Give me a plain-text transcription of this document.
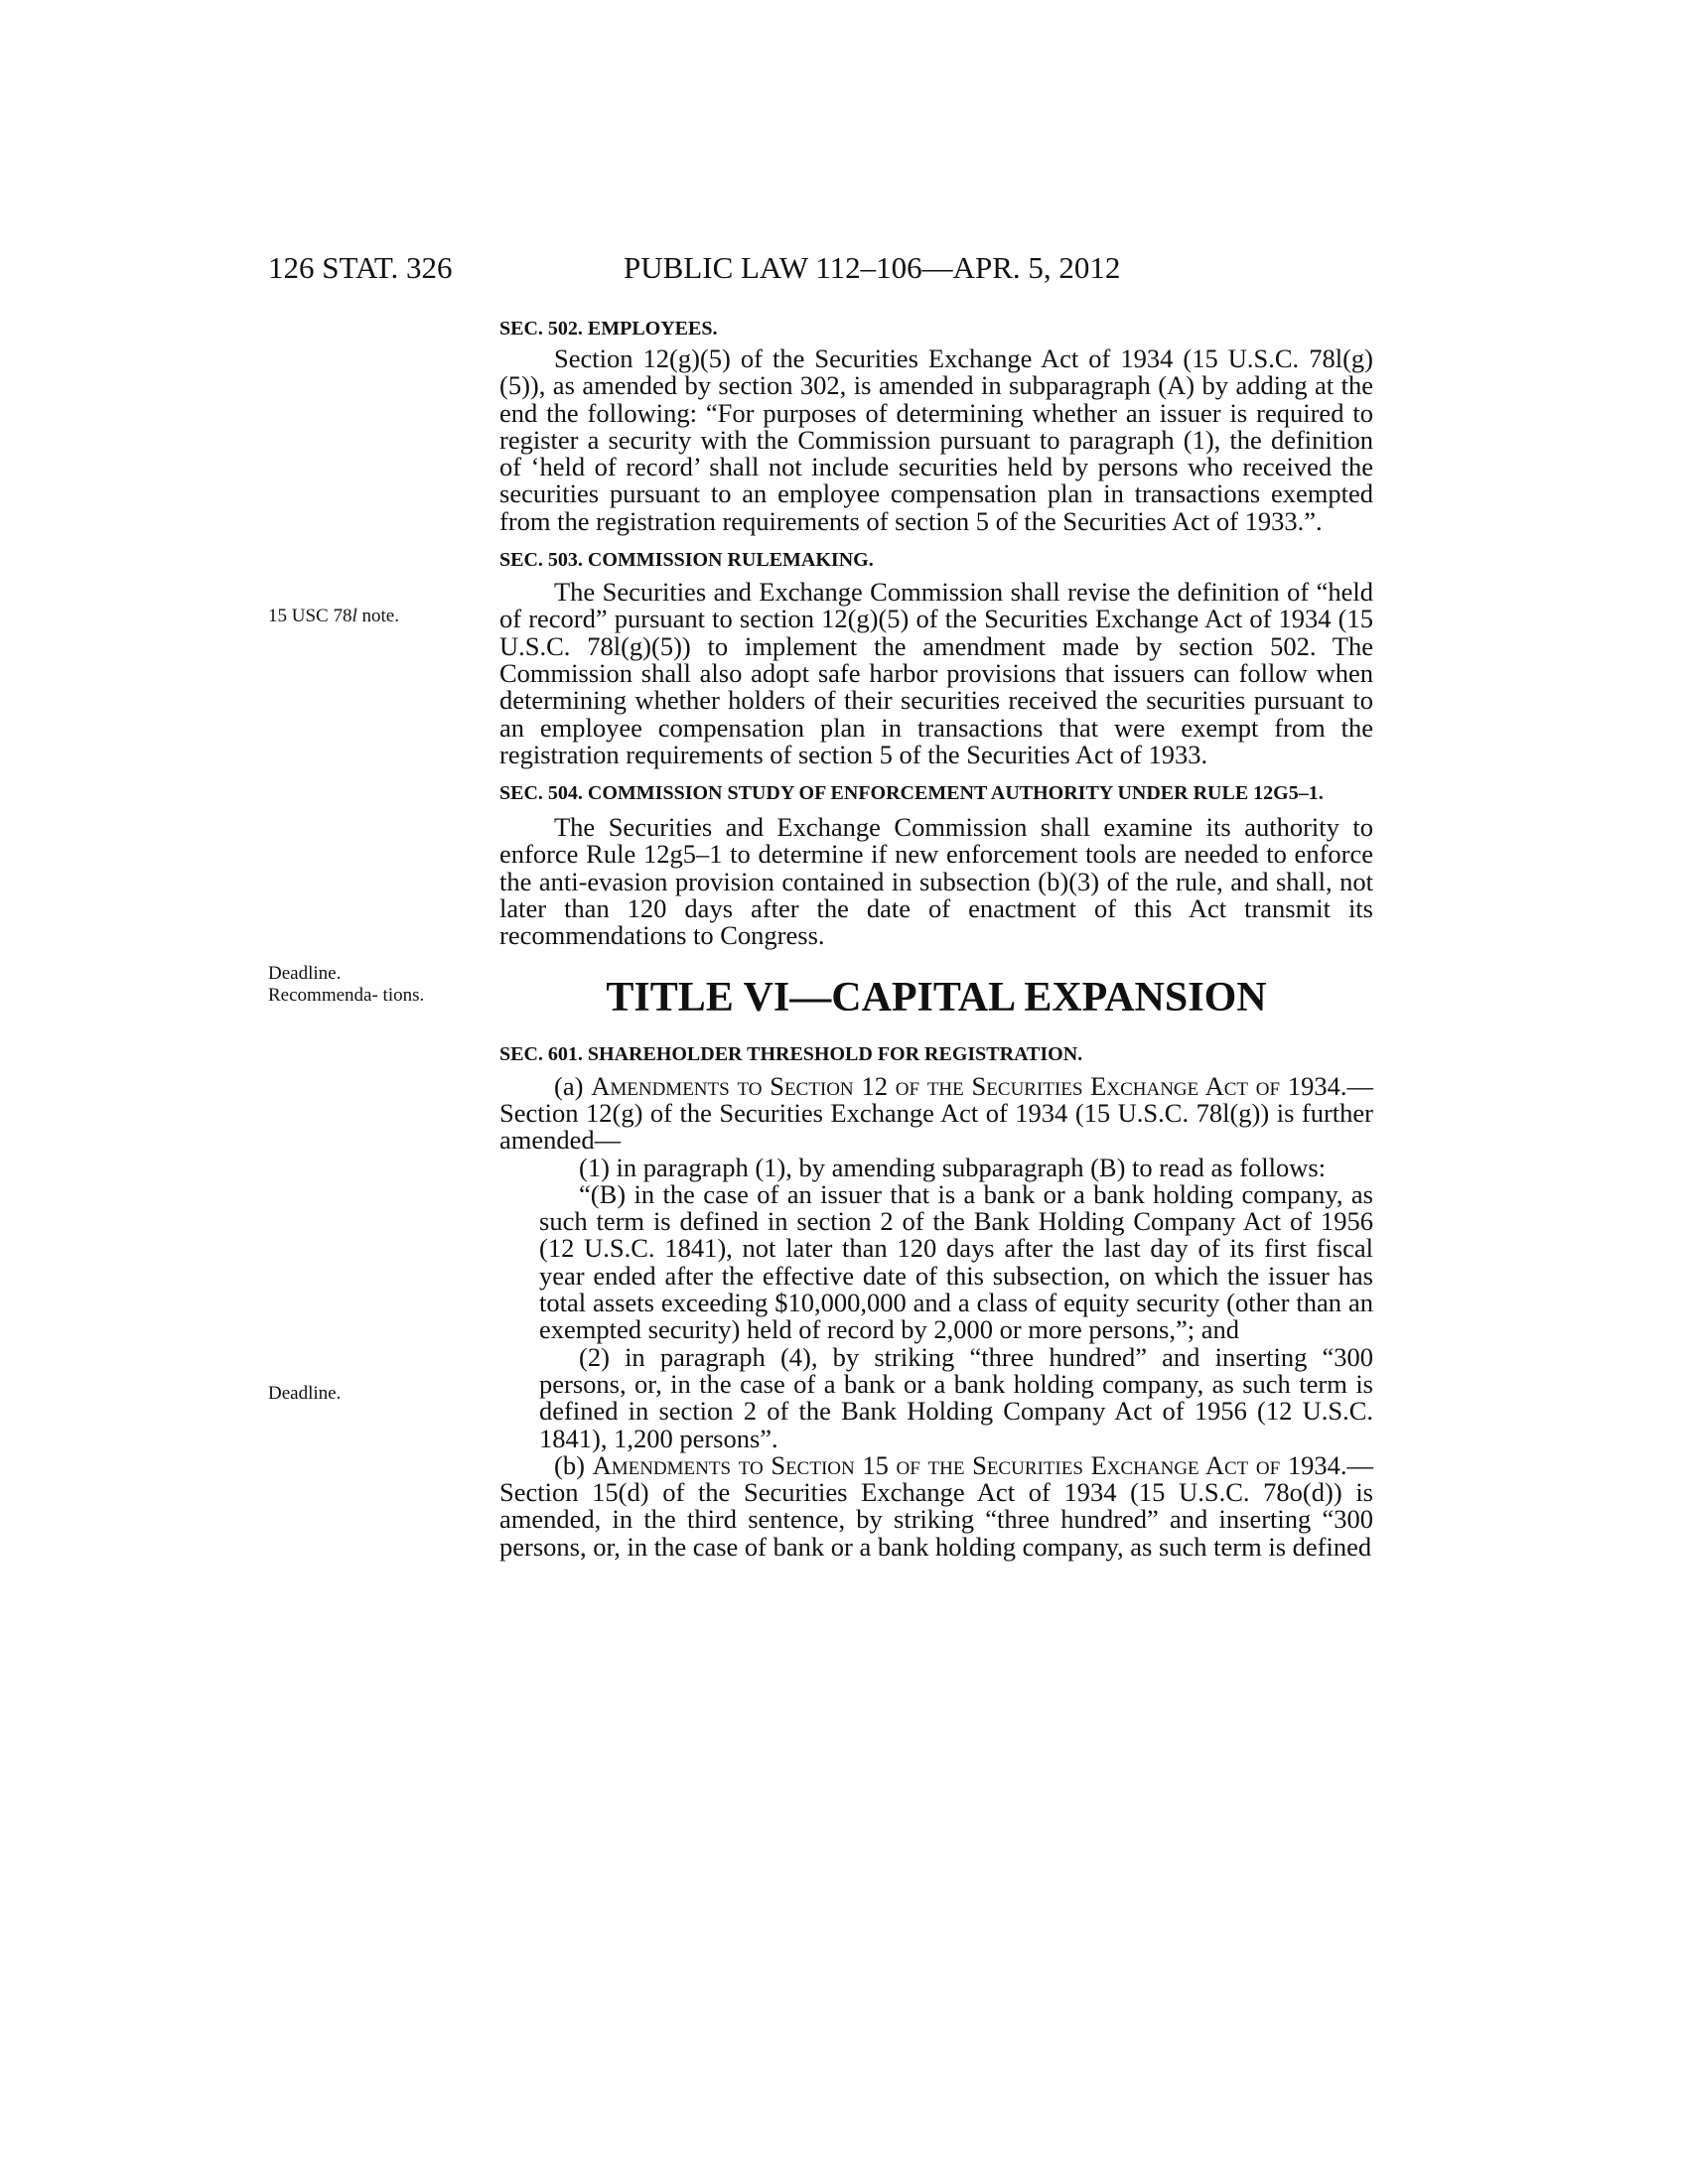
126 STAT. 326	PUBLIC LAW 112–106—APR. 5, 2012
15 USC 78l note.
Deadline. Recommenda- tions.
Deadline.

SEC. 502. EMPLOYEES.

Section 12(g)(5) of the Securities Exchange Act of 1934 (15 U.S.C. 78l(g)(5)), as amended by section 302, is amended in subparagraph (A) by adding at the end the following: “For purposes of determining whether an issuer is required to register a security with the Commission pursuant to paragraph (1), the definition of ‘held of record’ shall not include securities held by persons who received the securities pursuant to an employee compensation plan in transactions exempted from the registration requirements of section 5 of the Securities Act of 1933.”.

SEC. 503. COMMISSION RULEMAKING.

The Securities and Exchange Commission shall revise the definition of “held of record” pursuant to section 12(g)(5) of the Securities Exchange Act of 1934 (15 U.S.C. 78l(g)(5)) to implement the amendment made by section 502. The Commission shall also adopt safe harbor provisions that issuers can follow when determining whether holders of their securities received the securities pursuant to an employee compensation plan in transactions that were exempt from the registration requirements of section 5 of the Securities Act of 1933.

SEC. 504. COMMISSION STUDY OF ENFORCEMENT AUTHORITY UNDER RULE 12G5–1.

The Securities and Exchange Commission shall examine its authority to enforce Rule 12g5–1 to determine if new enforcement tools are needed to enforce the anti-evasion provision contained in subsection (b)(3) of the rule, and shall, not later than 120 days after the date of enactment of this Act transmit its recommendations to Congress.

TITLE VI—CAPITAL EXPANSION

SEC. 601. SHAREHOLDER THRESHOLD FOR REGISTRATION.

(a) Amendments to Section 12 of the Securities Exchange Act of 1934.—Section 12(g) of the Securities Exchange Act of 1934 (15 U.S.C. 78l(g)) is further amended—

(1) in paragraph (1), by amending subparagraph (B) to read as follows:

“(B) in the case of an issuer that is a bank or a bank holding company, as such term is defined in section 2 of the Bank Holding Company Act of 1956 (12 U.S.C. 1841), not later than 120 days after the last day of its first fiscal year ended after the effective date of this subsection, on which the issuer has total assets exceeding $10,000,000 and a class of equity security (other than an exempted security) held of record by 2,000 or more persons,”; and

(2) in paragraph (4), by striking “three hundred” and inserting “300 persons, or, in the case of a bank or a bank holding company, as such term is defined in section 2 of the Bank Holding Company Act of 1956 (12 U.S.C. 1841), 1,200 persons”.

(b) Amendments to Section 15 of the Securities Exchange Act of 1934.—Section 15(d) of the Securities Exchange Act of 1934 (15 U.S.C. 78o(d)) is amended, in the third sentence, by striking “three hundred” and inserting “300 persons, or, in the case of bank or a bank holding company, as such term is defined
